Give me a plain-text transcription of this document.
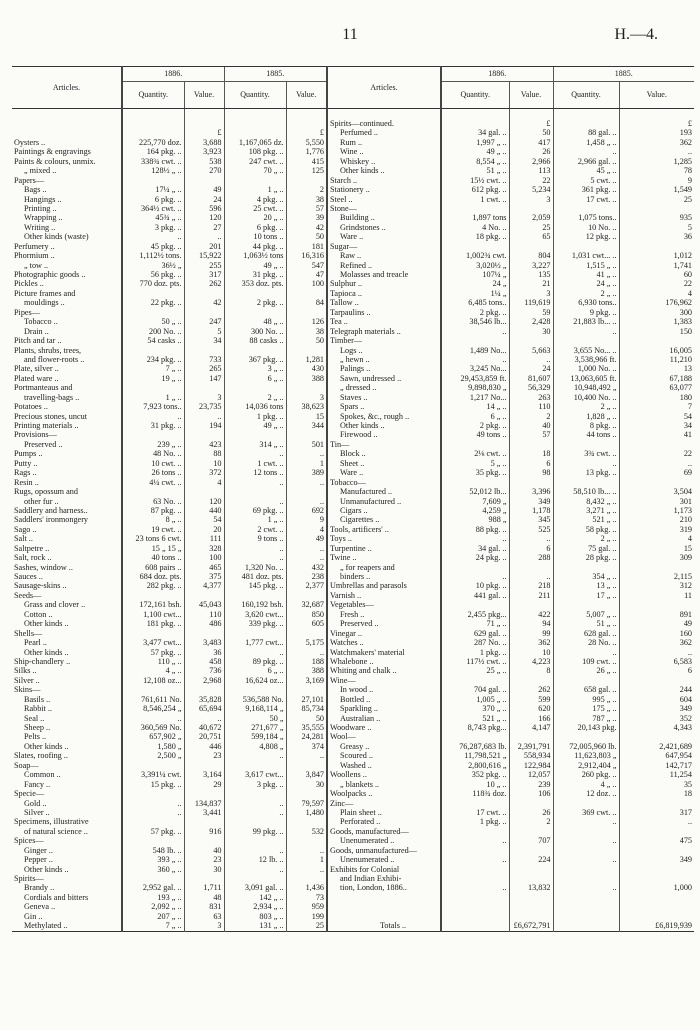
11	H.—4.
Articles.	1886.		1885.		Articles.	1886.		1885.	
	Quantity.	Value.	Quantity.	Value.		Quantity.	Value.	Quantity.	Value.
					Spirits—continued.		£		£
		£		£	Perfumed ..	34 gal. ..	50	88 gal. ..	193
Oysters ..	225,770 doz.	3,688	1,167,065 dz.	5,550	Rum ..	1,997 „ ..	417	1,458 „ ..	362
Paintings & engravings	164 pkg. ..	3,923	108 pkg. ..	1,776	Wine ..	49 „ ..	26	..	..
Paints & colours, unmix.	338¾ cwt. ..	538	247 cwt. ..	415	Whiskey ..	8,554 „ ..	2,966	2,966 gal. ..	1,285
„ mixed ..	128½ „ ..	270	70 „ ..	125	Other kinds ..	51 „ ..	113	45 „ ..	78
Papers—					Starch ..	15½ cwt. ..	22	5 cwt. ..	9
Bags ..	17¼ „ ..	49	1 „ ..	2	Stationery ..	612 pkg. ..	5,234	361 pkg. ..	1,549
Hangings ..	6 pkg. ..	24	4 pkg. ..	38	Steel ..	1 cwt. ..	3	17 cwt. ..	25
Printing ..	364½ cwt. ..	596	25 cwt. ..	57	Stone—				
Wrapping ..	45¾ „ ..	120	20 „ ..	39	Building ..	1,897 tons	2,059	1,075 tons..	935
Writing ..	3 pkg. ..	27	6 pkg. ..	42	Grindstones ..	4 No. ..	25	10 No. ..	5
Other kinds (waste)	..	..	10 tons ..	50	Ware ..	18 pkg. ..	65	12 pkg. ..	36
Perfumery ..	45 pkg. ..	201	44 pkg. ..	181	Sugar—				
Phormium ..	1,112½ tons.	15,922	1,063½ tons	16,316	Raw ..	1,002¾ cwt.	804	1,031 cwt... ..	1,012
„ tow ..	36½ „	255	49 „ ..	547	Refined ..	3,020½ „	3,227	1,515 „ ..	1,741
Photographic goods ..	56 pkg. ..	317	31 pkg. ..	47	Molasses and treacle	107¼ „	135	41 „ ..	60
Pickles ..	770 doz. pts.	262	353 doz. pts.	100	Sulphur ..	24 „	21	24 „ ..	22
Picture frames and					Tapioca ..	1¼ „	3	2 „ ..	4
mouldings ..	22 pkg. ..	42	2 pkg. ..	84	Tallow ..	6,485 tons..	119,619	6,930 tons..	176,962
Pipes—					Tarpaulins ..	2 pkg. ..	59	9 pkg. ..	300
Tobacco ..	50 „ ..	247	48 „ ..	126	Tea ..	38,546 lb...	2,428	21,883 lb... ..	1,383
Drain ..	200 No. ..	5	300 No. ..	38	Telegraph materials ..	..	30	..	150
Pitch and tar ..	54 casks ..	34	88 casks ..	50	Timber—				
Plants, shrubs, trees,					Logs ..	1,489 No...	5,663	3,655 No... ..	16,005
and flower-roots ..	234 pkg. ..	733	367 pkg. ..	1,281	„ hewn ..	..	..	3,538,966 ft.	11,210
Plate, silver ..	7 „ ..	265	3 „ ..	430	Palings ..	3,245 No...	24	1,000 No. ..	13
Plated ware ..	19 „ ..	147	6 „ ..	388	Sawn, undressed ..	29,453,859 ft.	81,607	13,063,605 ft.	67,188
Portmanteaus and					„ dressed ..	9,898,830 „	56,329	10,948,492 „	63,077
travelling-bags ..	1 „ ..	3	2 „ ..	3	Staves ..	1,217 No...	263	10,400 No. ..	180
Potatoes ..	7,923 tons..	23,735	14,036 tons	38,623	Spars ..	14 „ ..	110	2 „ ..	7
Precious stones, uncut	..	..	1 pkg. ..	15	Spokes, &c., rough ..	6 „ ..	2	1,828 „ ..	54
Printing materials ..	31 pkg. ..	194	49 „ ..	344	Other kinds ..	2 pkg. ..	40	8 pkg. ..	34
Provisions—					Firewood ..	49 tons ..	57	44 tons ..	41
Preserved ..	239 „ ..	423	314 „ ..	501	Tin—				
Pumps ..	48 No. ..	88	..	..	Block ..	2⅛ cwt. ..	18	3¾ cwt. ..	22
Putty ..	10 cwt. ..	10	1 cwt. ..	1	Sheet ..	5 „ ..	6	..	..
Rags ..	26 tons ..	372	12 tons ..	389	Ware ..	35 pkg. ..	98	13 pkg. ..	69
Resin ..	4¼ cwt. ..	4	..	..	Tobacco—				
Rugs, opossum and					Manufactured ..	52,012 lb...	3,396	58,510 lb... ..	3,504
other fur ..	63 No. ..	120	..	..	Unmanufactured ..	7,609 „	349	8,432 „ ..	301
Saddlery and harness..	87 pkg. ..	440	69 pkg. ..	692	Cigars ..	4,259 „	1,178	3,271 „ ..	1,173
Saddlers' ironmongery	8 „ ..	54	1 „ ..	9	Cigarettes ..	988 „	345	521 „ ..	210
Sago ..	19 cwt. ..	20	2 cwt. ..	4	Tools, artificers' ..	88 pkg. ..	525	58 pkg. ..	319
Salt ..	23 tons 6 cwt.	111	9 tons ..	49	Toys ..	..	..	2 „ ..	4
Saltpetre ..	15 „ 15 „	328	..	..	Turpentine ..	34 gal. ..	6	75 gal. ..	15
Salt, rock ..	40 tons ..	100	..	..	Twine ..	24 pkg. ..	288	28 pkg. ..	309
Sashes, window ..	608 pairs ..	465	1,320 No. ..	432	„ for reapers and				
Sauces ..	684 doz. pts.	375	481 doz. pts.	238	binders ..	..	..	354 „ ..	2,115
Sausage-skins ..	282 pkg. ..	4,377	145 pkg. ..	2,377	Umbrellas and parasols	10 pkg. ..	218	13 „ ..	312
Seeds—					Varnish ..	441 gal. ..	211	17 „ ..	11
Grass and clover ..	172,161 bsh.	45,043	160,192 bsh.	32,687	Vegetables—				
Cotton ..	1,100 cwt...	110	3,620 cwt...	850	Fresh ..	2,455 pkg...	422	5,007 „ ..	891
Other kinds ..	181 pkg. ..	486	339 pkg. ..	605	Preserved ..	71 „ ..	94	51 „ ..	49
Shells—					Vinegar ..	629 gal. ..	99	628 gal. ..	160
Pearl ..	3,477 cwt...	3,483	1,777 cwt...	5,175	Watches ..	287 No. ..	362	28 No. ..	362
Other kinds ..	57 pkg. ..	36	..	..	Watchmakers' material	1 pkg. ..	10	..	..
Ship-chandlery ..	110 „ ..	458	89 pkg. ..	188	Whalebone ..	117½ cwt. ..	4,223	109 cwt. ..	6,583
Silks ..	4 „ ..	736	6 „ ..	388	Whiting and chalk ..	25 „ ..	8	26 „ ..	6
Silver ..	12,108 oz...	2,968	16,624 oz...	3,169	Wine—				
Skins—					In wood ..	704 gal. ..	262	658 gal. ..	244
Basils ..	761,611 No.	35,828	536,588 No.	27,101	Bottled ..	1,005 „ ..	599	995 „ ..	604
Rabbit ..	8,546,254 „	65,694	9,168,114 „	85,734	Sparkling ..	370 „ ..	620	175 „ ..	349
Seal ..	..	..	50 „	50	Australian ..	521 „ ..	166	787 „ ..	352
Sheep ..	360,569 No.	40,672	271,677 „	35,555	Woodware ..	8,743 pkg...	4,147	20,143 pkg.	4,343
Pelts ..	657,902 „	20,751	599,184 „	24,281	Wool—				
Other kinds ..	1,580 „	446	4,808 „	374	Greasy ..	76,287,683 lb.	2,391,791	72,005,960 lb.	2,421,689
Slates, roofing ..	2,500 „	23	..	..	Scoured ..	11,798,521 „	558,934	11,623,803 „	647,954
Soap—					Washed ..	2,800,616 „	122,984	2,912,404 „	142,717
Common ..	3,391¼ cwt.	3,164	3,617 cwt...	3,847	Woollens ..	352 pkg. ..	12,057	260 pkg. ..	11,254
Fancy ..	15 pkg. ..	29	3 pkg. ..	30	„ blankets ..	10 „ ..	239	4 „ ..	35
Specie—					Woolpacks ..	118¾ doz.	106	12 doz. ..	18
Gold ..	..	134,837	..	79,597	Zinc—				
Silver ..	..	3,441	..	1,480	Plain sheet ..	17 cwt. ..	26	369 cwt. ..	317
Specimens, illustrative					Perforated ..	1 pkg. ..	2	..	..
of natural science ..	57 pkg. ..	916	99 pkg. ..	532	Goods, manufactured—				
Spices—					Unenumerated ..	..	707	..	475
Ginger ..	548 lb. ..	40	..	..	Goods, unmanufactured—				
Pepper ..	393 „ ..	23	12 lb. ..	1	Unenumerated ..	..	224	..	349
Other kinds ..	360 „ ..	30	..	..	Exhibits for Colonial				
Spirits—					and Indian Exhibi-				
Brandy ..	2,952 gal. ..	1,711	3,091 gal. ..	1,436	tion, London, 1886..	..	13,832	..	1,000
Cordials and bitters	193 „ ..	48	142 „ ..	73					
Geneva ..	2,092 „ ..	831	2,934 „ ..	959					
Gin ..	207 „ ..	63	803 „ ..	199					
Methylated ..	7 „ ..	3	131 „ ..	25	Totals ..		£6,672,791		£6,819,939
